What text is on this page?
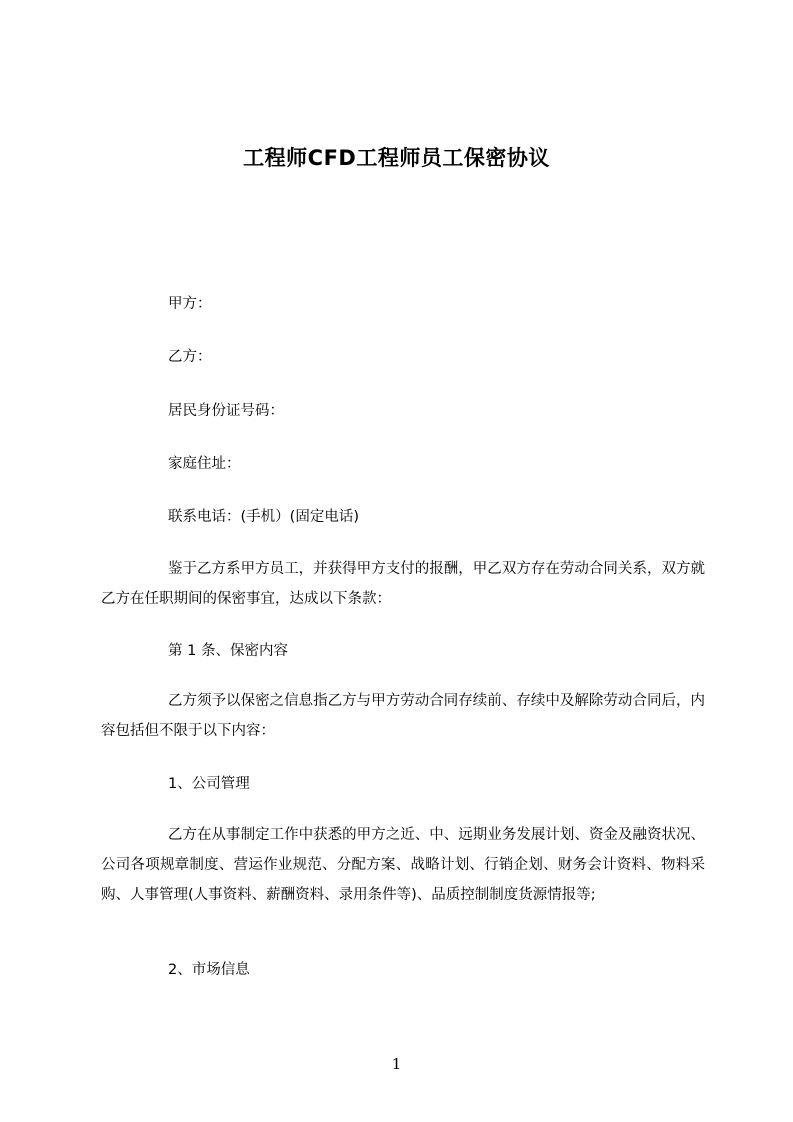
工程师CFD工程师员工保密协议
甲方：
乙方：
居民身份证号码：
家庭住址：
联系电话：(手机）(固定电话)
鉴于乙方系甲方员工，并获得甲方支付的报酬，甲乙双方存在劳动合同关系，双方就乙方在任职期间的保密事宜，达成以下条款：
第 1 条、保密内容
乙方须予以保密之信息指乙方与甲方劳动合同存续前、存续中及解除劳动合同后，内容包括但不限于以下内容：
1、公司管理
乙方在从事制定工作中获悉的甲方之近、中、远期业务发展计划、资金及融资状况、公司各项规章制度、营运作业规范、分配方案、战略计划、行销企划、财务会计资料、物料采购、人事管理(人事资料、薪酬资料、录用条件等)、品质控制制度货源情报等;
2、市场信息
1
